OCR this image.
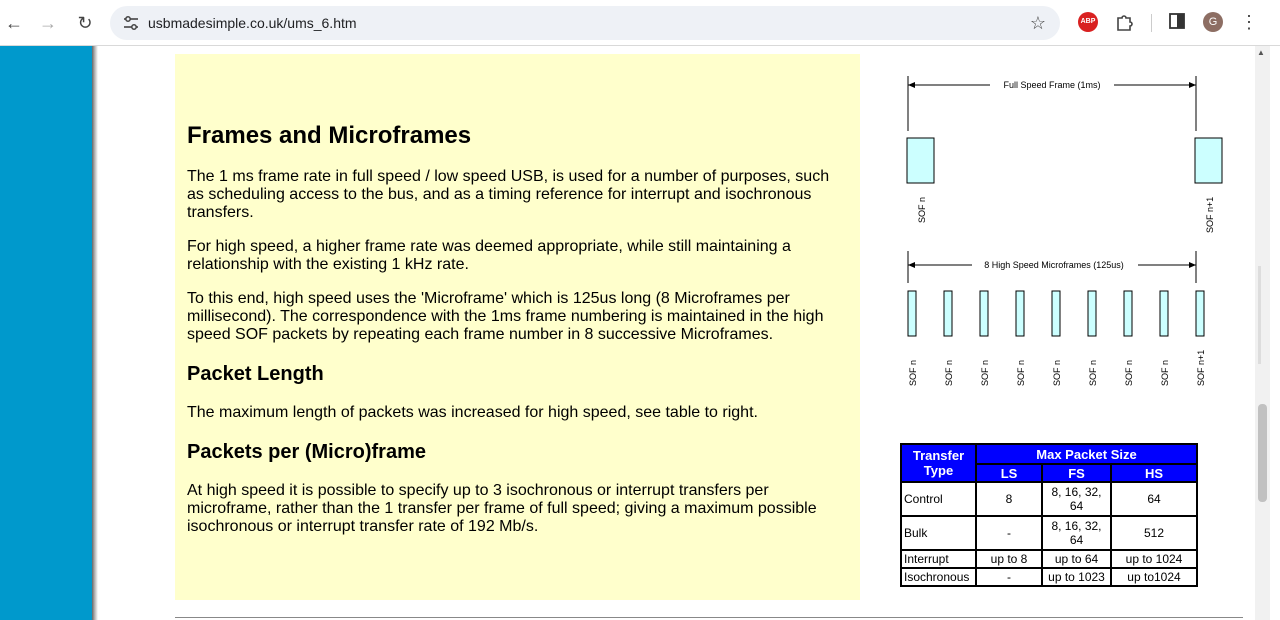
← → ↻	usbmadesimple.co.uk/ums_6.htm	☆	ABP	G	⋮
Frames and Microframes

The 1 ms frame rate in full speed / low speed USB, is used for a number of purposes, such as scheduling access to the bus, and as a timing reference for interrupt and isochronous transfers.

For high speed, a higher frame rate was deemed appropriate, while still maintaining a relationship with the existing 1 kHz rate.

To this end, high speed uses the 'Microframe' which is 125us long (8 Microframes per millisecond). The correspondence with the 1ms frame numbering is maintained in the high speed SOF packets by repeating each frame number in 8 successive Microframes.

Packet Length

The maximum length of packets was increased for high speed, see table to right.

Packets per (Micro)frame

At high speed it is possible to specify up to 3 isochronous or interrupt transfers per microframe, rather than the 1 transfer per frame of full speed; giving a maximum possible isochronous or interrupt transfer rate of 192 Mb/s.

Full Speed Frame (1ms)
SOF n	SOF n+1
8 High Speed Microframes (125us)
SOF n	SOF n	SOF n	SOF n	SOF n	SOF n	SOF n	SOF n	SOF n+1
Transfer Type	Max Packet Size		
	LS	FS	HS
Control	8	8, 16, 32, 64	64
Bulk	-	8, 16, 32, 64	512
Interrupt	up to 8	up to 64	up to 1024
Isochronous	-	up to 1023	up to1024
▲
